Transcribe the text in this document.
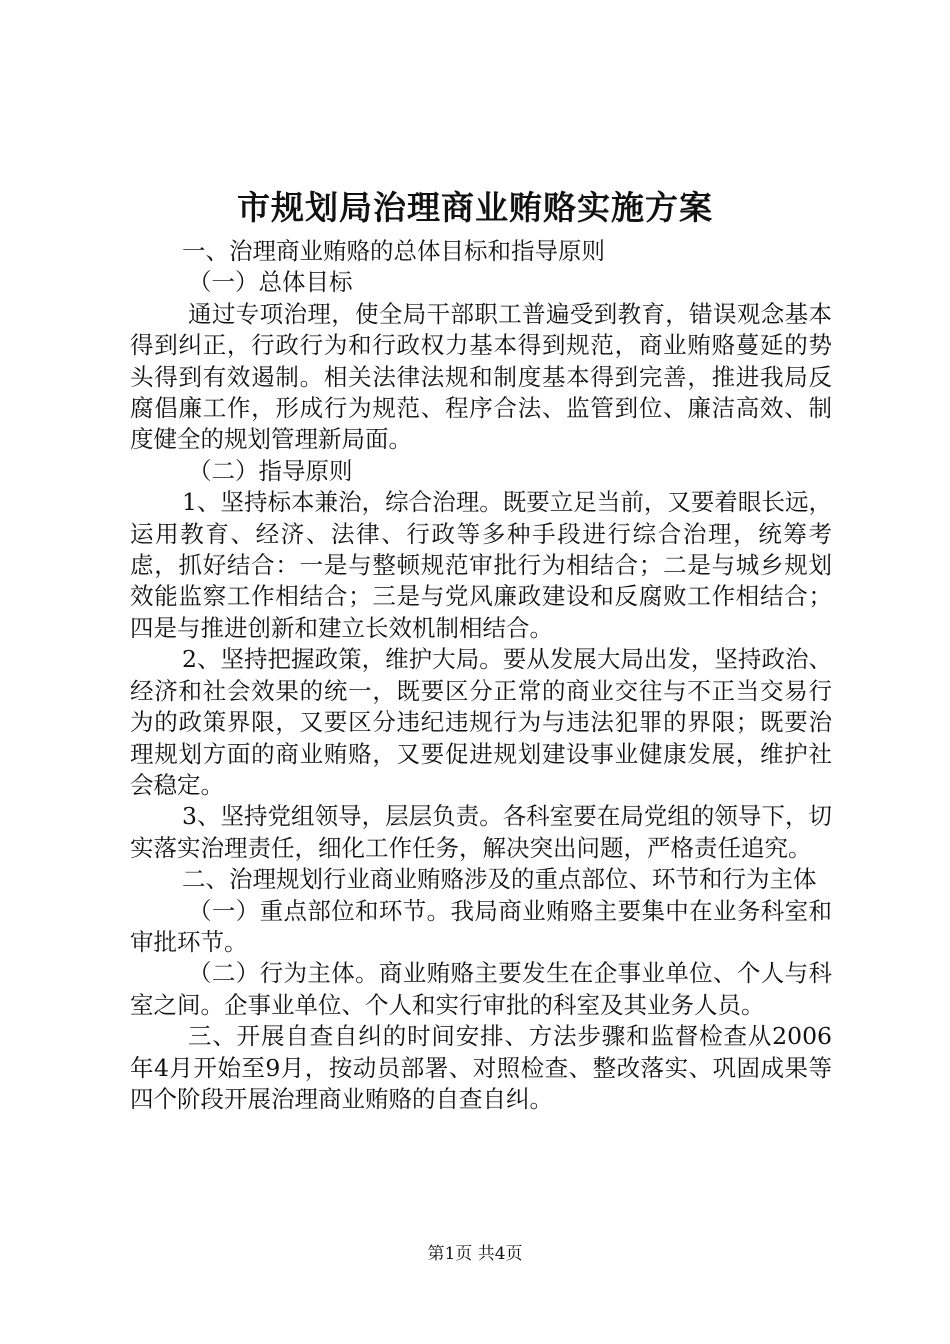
市规划局治理商业贿赂实施方案

一、治理商业贿赂的总体目标和指导原则

（一）总体目标

通过专项治理，使全局干部职工普遍受到教育，错误观念基本得到纠正，行政行为和行政权力基本得到规范，商业贿赂蔓延的势头得到有效遏制。相关法律法规和制度基本得到完善，推进我局反腐倡廉工作，形成行为规范、程序合法、监管到位、廉洁高效、制度健全的规划管理新局面。

（二）指导原则

1、坚持标本兼治，综合治理。既要立足当前，又要着眼长远，运用教育、经济、法律、行政等多种手段进行综合治理，统筹考虑，抓好结合：一是与整顿规范审批行为相结合；二是与城乡规划效能监察工作相结合；三是与党风廉政建设和反腐败工作相结合；四是与推进创新和建立长效机制相结合。

2、坚持把握政策，维护大局。要从发展大局出发，坚持政治、经济和社会效果的统一，既要区分正常的商业交往与不正当交易行为的政策界限，又要区分违纪违规行为与违法犯罪的界限；既要治理规划方面的商业贿赂，又要促进规划建设事业健康发展，维护社会稳定。

3、坚持党组领导，层层负责。各科室要在局党组的领导下，切实落实治理责任，细化工作任务，解决突出问题，严格责任追究。

二、治理规划行业商业贿赂涉及的重点部位、环节和行为主体

（一）重点部位和环节。我局商业贿赂主要集中在业务科室和审批环节。

（二）行为主体。商业贿赂主要发生在企事业单位、个人与科室之间。企事业单位、个人和实行审批的科室及其业务人员。

三、开展自查自纠的时间安排、方法步骤和监督检查从2006年4月开始至9月，按动员部署、对照检查、整改落实、巩固成果等四个阶段开展治理商业贿赂的自查自纠。

第1页 共4页
